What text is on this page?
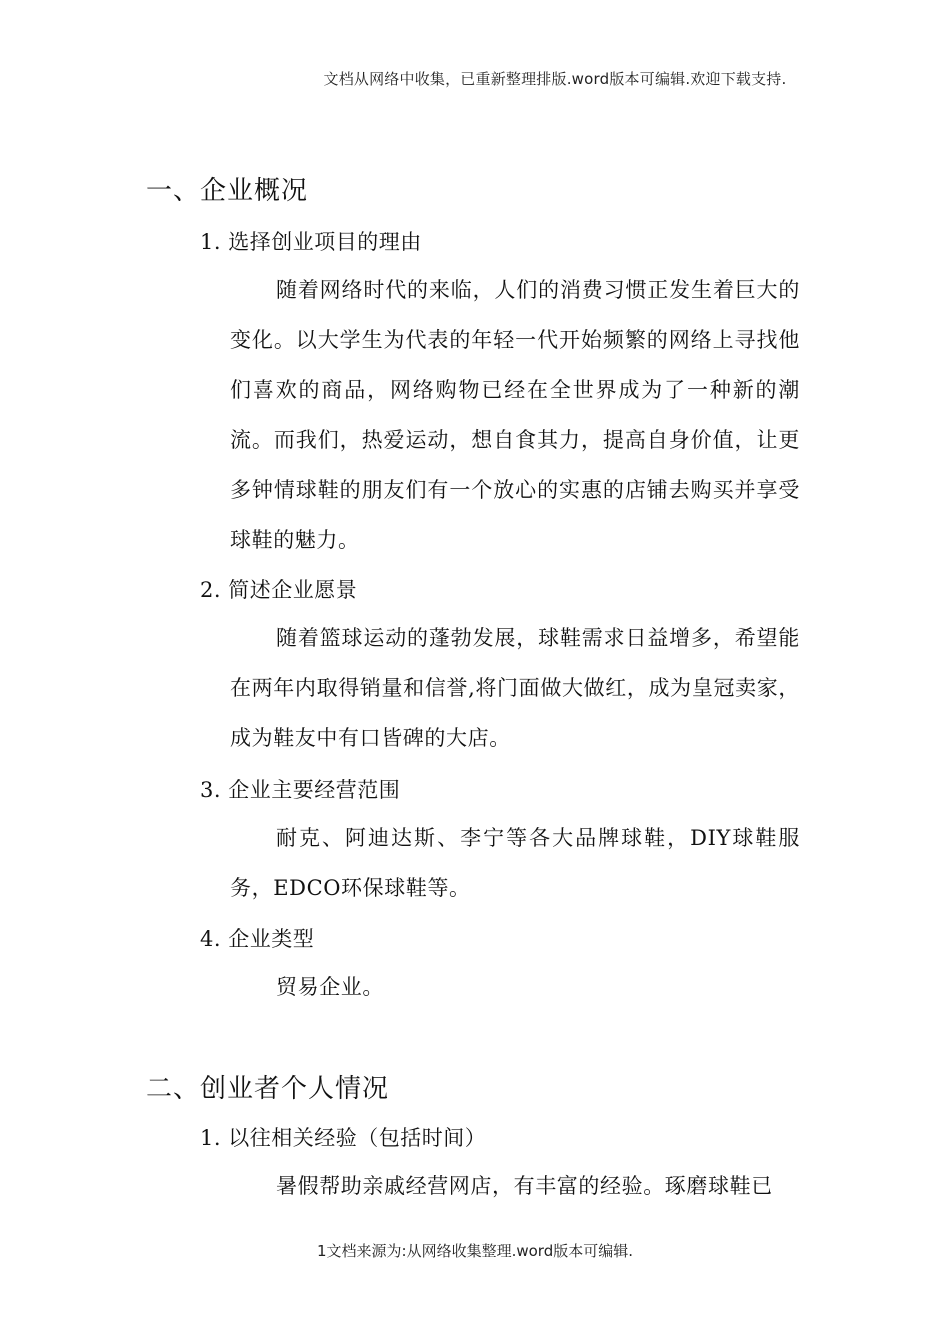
文档从网络中收集，已重新整理排版.word版本可编辑.欢迎下载支持.
一、企业概况
1. 选择创业项目的理由
随着网络时代的来临，人们的消费习惯正发生着巨大的变化。以大学生为代表的年轻一代开始频繁的网络上寻找他们喜欢的商品，网络购物已经在全世界成为了一种新的潮流。而我们，热爱运动，想自食其力，提高自身价值，让更多钟情球鞋的朋友们有一个放心的实惠的店铺去购买并享受球鞋的魅力。
2. 简述企业愿景
随着篮球运动的蓬勃发展，球鞋需求日益增多，希望能在两年内取得销量和信誉,将门面做大做红，成为皇冠卖家，成为鞋友中有口皆碑的大店。
3. 企业主要经营范围
耐克、阿迪达斯、李宁等各大品牌球鞋，DIY球鞋服务，EDCO环保球鞋等。
4. 企业类型
贸易企业。
二、创业者个人情况
1. 以往相关经验（包括时间）
暑假帮助亲戚经营网店，有丰富的经验。琢磨球鞋已
1文档来源为:从网络收集整理.word版本可编辑.
